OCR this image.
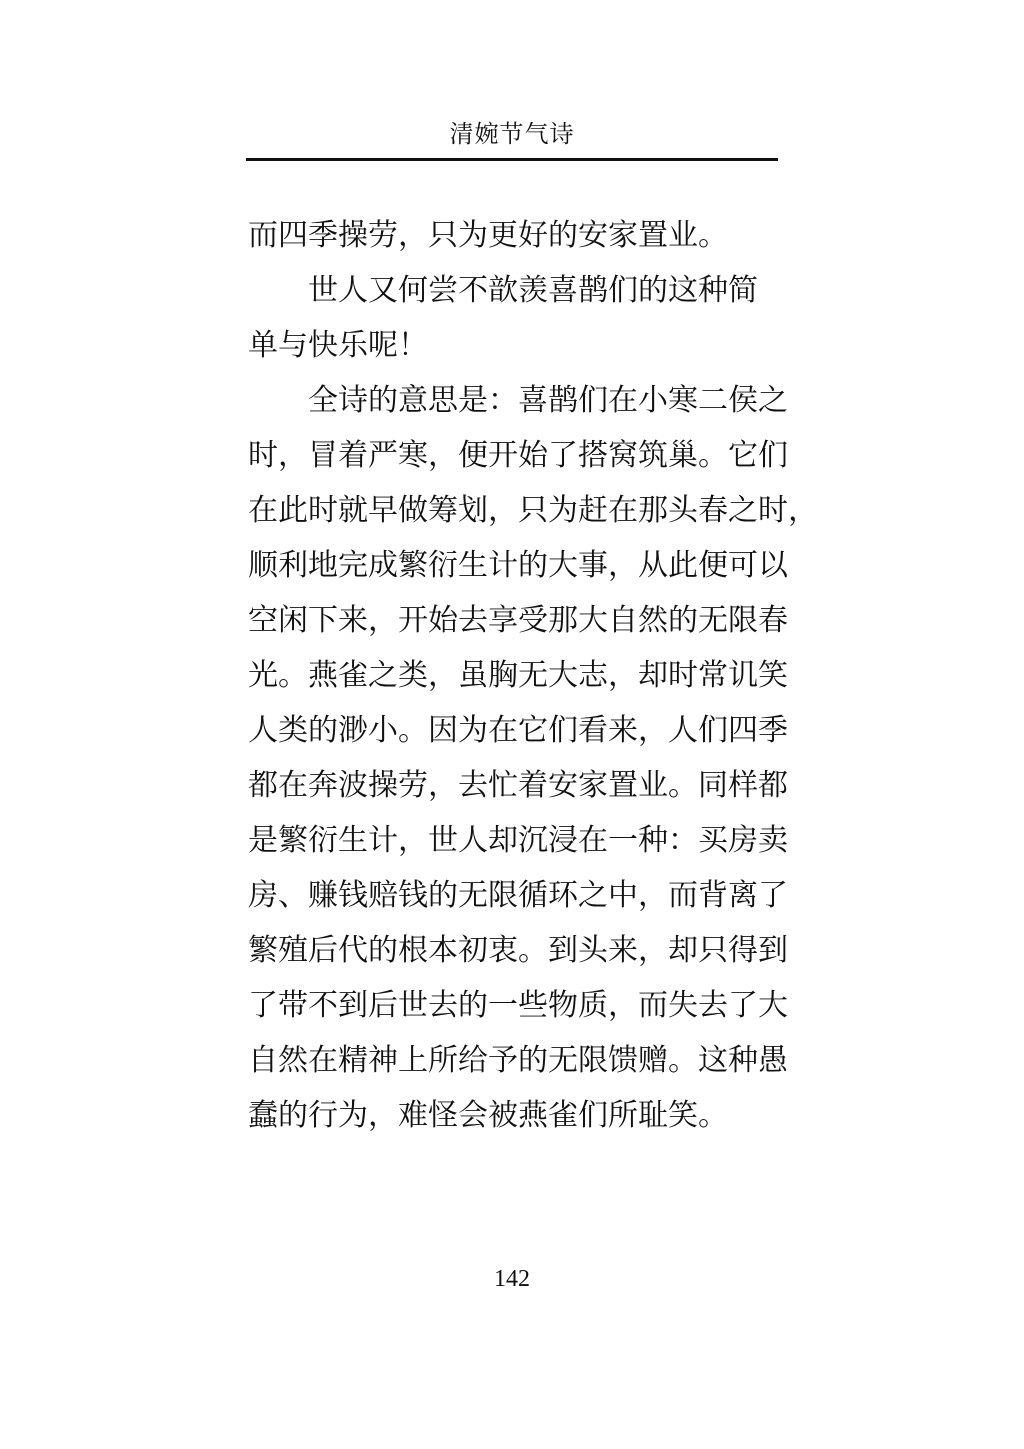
清婉节气诗
而四季操劳，只为更好的安家置业。
世人又何尝不歆羡喜鹊们的这种简
单与快乐呢！
全诗的意思是：喜鹊们在小寒二侯之
时，冒着严寒，便开始了搭窝筑巢。它们
在此时就早做筹划，只为赶在那头春之时，
顺利地完成繁衍生计的大事，从此便可以
空闲下来，开始去享受那大自然的无限春
光。燕雀之类，虽胸无大志，却时常讥笑
人类的渺小。因为在它们看来，人们四季
都在奔波操劳，去忙着安家置业。同样都
是繁衍生计，世人却沉浸在一种：买房卖
房、赚钱赔钱的无限循环之中，而背离了
繁殖后代的根本初衷。到头来，却只得到
了带不到后世去的一些物质，而失去了大
自然在精神上所给予的无限馈赠。这种愚
蠢的行为，难怪会被燕雀们所耻笑。
142
